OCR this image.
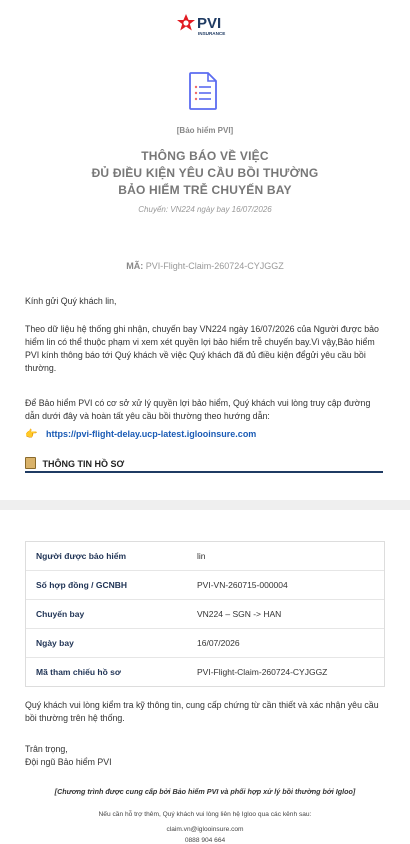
PVI
INSURANCE
[Bảo hiểm PVI]
THÔNG BÁO VỀ VIỆC
ĐỦ ĐIỀU KIỆN YÊU CẦU BỒI THƯỜNG
BẢO HIỂM TRỄ CHUYẾN BAY
Chuyến: VN224 ngày bay 16/07/2026
MÃ: PVI-Flight-Claim-260724-CYJGGZ
Kính gửi Quý khách lin,
Theo dữ liệu hệ thống ghi nhận, chuyến bay VN224 ngày 16/07/2026 của Người được bảo hiểm lin có thể thuộc phạm vi xem xét quyền lợi bảo hiểm trễ chuyến bay.Vì vậy,Bảo hiểm PVI kính thông báo tới Quý khách về việc Quý khách đã đủ điều kiện đểgửi yêu cầu bồi thường.
Để Bảo hiểm PVI có cơ sở xử lý quyền lợi bảo hiểm, Quý khách vui lòng truy cập đường dẫn dưới đây và hoàn tất yêu cầu bồi thường theo hướng dẫn:
👉 https://pvi-flight-delay.ucp-latest.iglooinsure.com
THÔNG TIN HỒ SƠ
Người được bảo hiểm	lin
Số hợp đồng / GCNBH	PVI-VN-260715-000004
Chuyến bay	VN224 – SGN -> HAN
Ngày bay	16/07/2026
Mã tham chiếu hồ sơ	PVI-Flight-Claim-260724-CYJGGZ
Quý khách vui lòng kiểm tra kỹ thông tin, cung cấp chứng từ cần thiết và xác nhận yêu cầu bồi thường trên hệ thống.
Trân trọng,
Đội ngũ Bảo hiểm PVI
[Chương trình được cung cấp bởi Bảo hiểm PVI và phối hợp xử lý bồi thường bởi Igloo]
Nếu cần hỗ trợ thêm, Quý khách vui lòng liên hệ Igloo qua các kênh sau:
claim.vn@iglooinsure.com
0888 904 664
